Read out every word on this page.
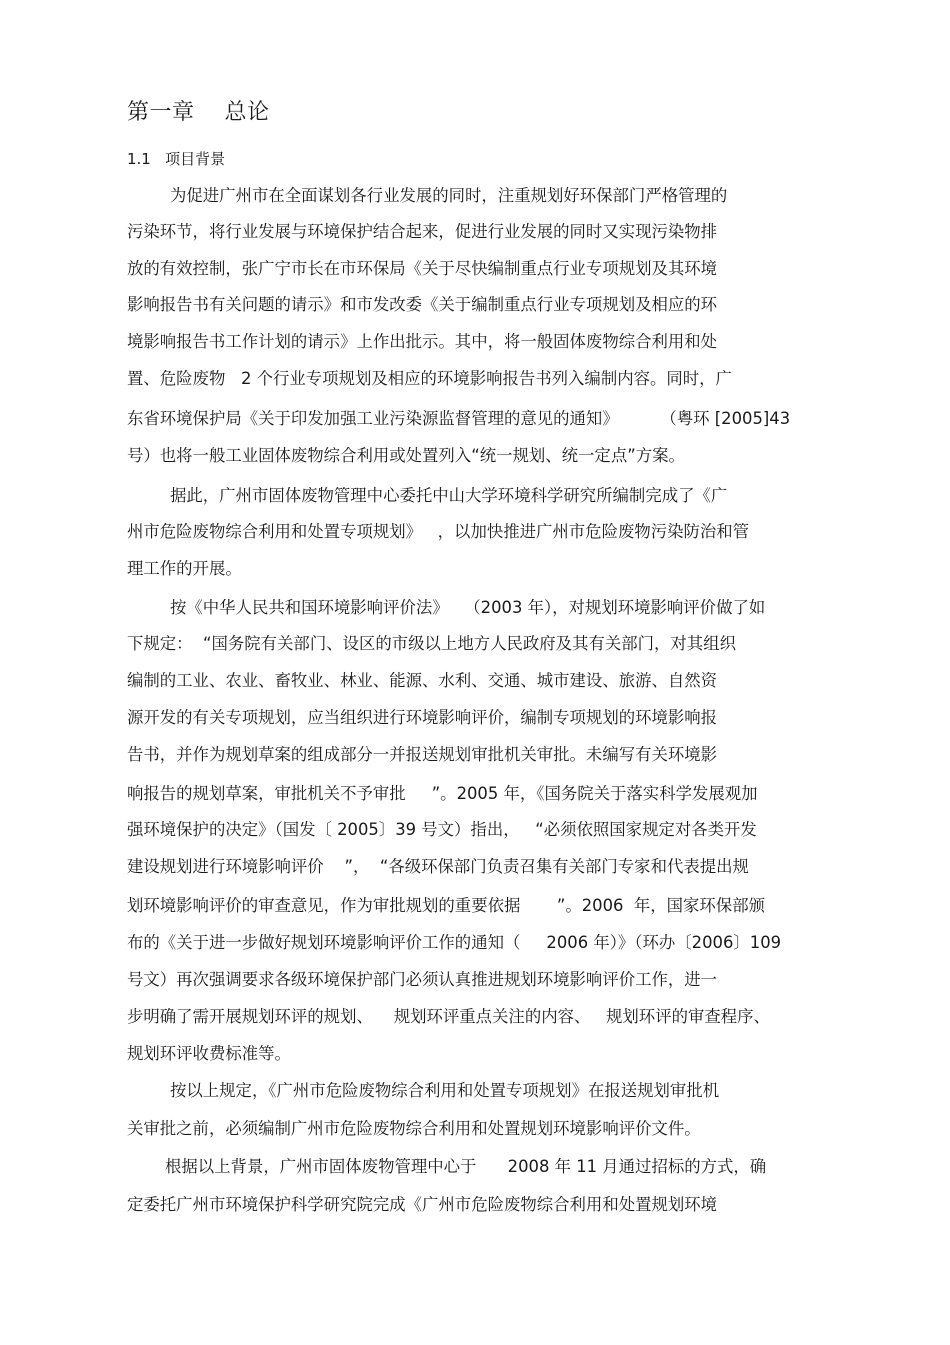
第一章    总论
1.1   项目背景
为促进广州市在全面谋划各行业发展的同时，注重规划好环保部门严格管理的
污染环节，将行业发展与环境保护结合起来，促进行业发展的同时又实现污染物排
放的有效控制，张广宁市长在市环保局《关于尽快编制重点行业专项规划及其环境
影响报告书有关问题的请示》和市发改委《关于编制重点行业专项规划及相应的环
境影响报告书工作计划的请示》上作出批示。其中，将一般固体废物综合利用和处
置、危险废物   2 个行业专项规划及相应的环境影响报告书列入编制内容。同时，广
东省环境保护局《关于印发加强工业污染源监督管理的意见的通知》        （粤环 [2005]43
号）也将一般工业固体废物综合利用或处置列入“统一规划、统一定点”方案。
据此，广州市固体废物管理中心委托中山大学环境科学研究所编制完成了《广
州市危险废物综合利用和处置专项规划》   ，以加快推进广州市危险废物污染防治和管
理工作的开展。
按《中华人民共和国环境影响评价法》   （2003 年），对规划环境影响评价做了如
下规定：  “国务院有关部门、设区的市级以上地方人民政府及其有关部门，对其组织
编制的工业、农业、畜牧业、林业、能源、水利、交通、城市建设、旅游、自然资
源开发的有关专项规划，应当组织进行环境影响评价，编制专项规划的环境影响报
告书，并作为规划草案的组成部分一并报送规划审批机关审批。未编写有关环境影
响报告的规划草案，审批机关不予审批     ”。2005 年，《国务院关于落实科学发展观加
强环境保护的决定》（国发〔 2005〕39 号文）指出，   “必须依照国家规定对各类开发
建设规划进行环境影响评价    ”，  “各级环保部门负责召集有关部门专家和代表提出规
划环境影响评价的审查意见，作为审批规划的重要依据       ”。2006  年，国家环保部颁
布的《关于进一步做好规划环境影响评价工作的通知（     2006 年）》（环办〔2006〕109
号文）再次强调要求各级环境保护部门必须认真推进规划环境影响评价工作，进一
步明确了需开展规划环评的规划、    规划环评重点关注的内容、   规划环评的审查程序、
规划环评收费标准等。
按以上规定，《广州市危险废物综合利用和处置专项规划》在报送规划审批机
关审批之前，必须编制广州市危险废物综合利用和处置规划环境影响评价文件。
根据以上背景，广州市固体废物管理中心于      2008 年 11 月通过招标的方式，确
定委托广州市环境保护科学研究院完成《广州市危险废物综合利用和处置规划环境
